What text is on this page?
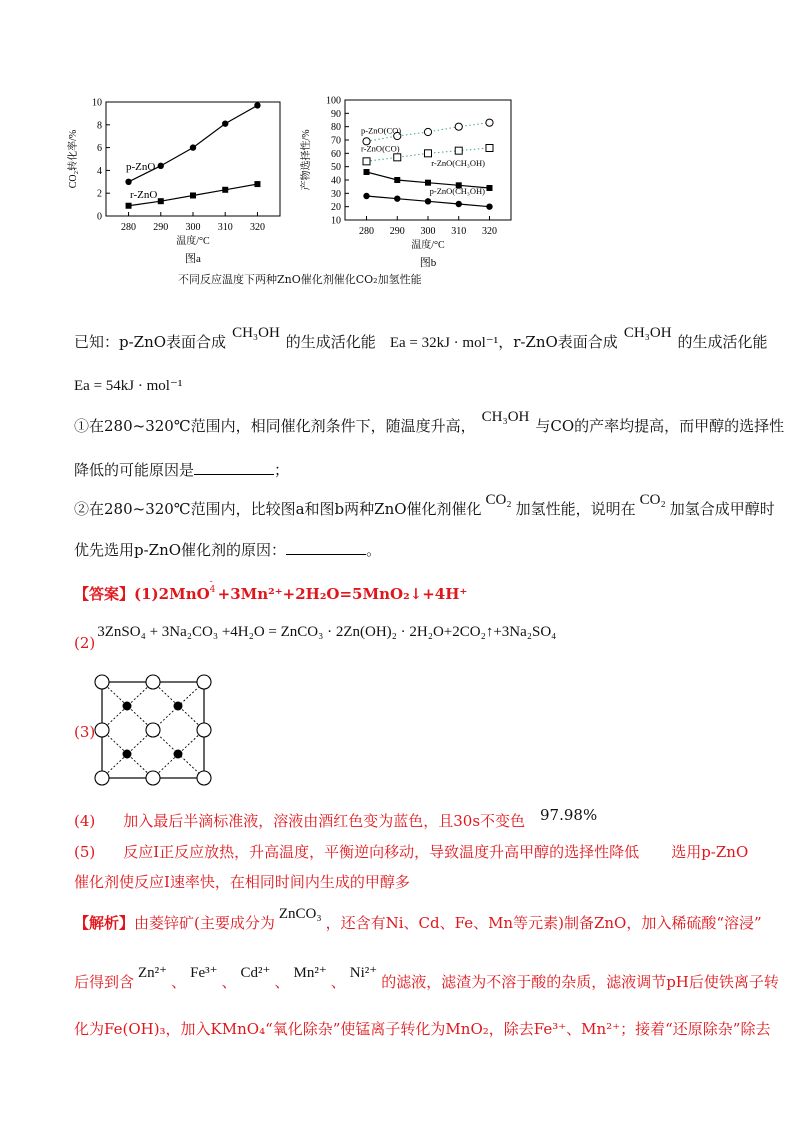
0
2
4
6
8
10
280 290 300 310 320
温度/°C
CO₂转化率/%
图a
p-ZnO
r-ZnO
10
20
30
40
50
60
70
80
90
100
280 290 300 310 320
温度/°C
产物选择性/%
图b
p-ZnO(CO)
r-ZnO(CO)
r-ZnO(CH₃OH)
p-ZnO(CH₃OH)
不同反应温度下两种ZnO催化剂催化CO₂加氢性能
已知：p-ZnO表面合成 CH₃OH 的生成活化能 Ea = 32kJ · mol⁻¹，r-ZnO表面合成 CH₃OH 的生成活化能
Ea = 54kJ · mol⁻¹
①在280~320℃范围内，相同催化剂条件下，随温度升高， CH₃OH 与CO的产率均提高，而甲醇的选择性
降低的可能原因是	；
②在280~320℃范围内，比较图a和图b两种ZnO催化剂催化 CO₂ 加氢性能，说明在 CO₂ 加氢合成甲醇时
优先选用p-ZnO催化剂的原因：	。
【答案】(1)2MnO
-
4 +3Mn²⁺+2H₂O=5MnO₂↓+4H⁺
(2)3ZnSO₄ + 3Na₂CO₃ +4H₂O = ZnCO₃ · 2Zn(OH)₂ · 2H₂O+2CO₂↑+3Na₂SO₄
(3)
(4) 加入最后半滴标准液，溶液由酒红色变为蓝色，且30s不变色 97.98%
(5) 反应Ⅰ正反应放热，升高温度，平衡逆向移动，导致温度升高甲醇的选择性降低 选用p-ZnO
催化剂使反应Ⅰ速率快，在相同时间内生成的甲醇多
【解析】由菱锌矿(主要成分为 ZnCO₃ ，还含有Ni、Cd、Fe、Mn等元素)制备ZnO，加入稀硫酸“溶浸”
后得到含 Zn²⁺ 、 Fe³⁺ 、 Cd²⁺ 、 Mn²⁺ 、 Ni²⁺ 的滤液，滤渣为不溶于酸的杂质，滤液调节pH后使铁离子转
化为Fe(OH)₃，加入KMnO₄“氧化除杂”使锰离子转化为MnO₂，除去Fe³⁺、Mn²⁺；接着“还原除杂”除去
